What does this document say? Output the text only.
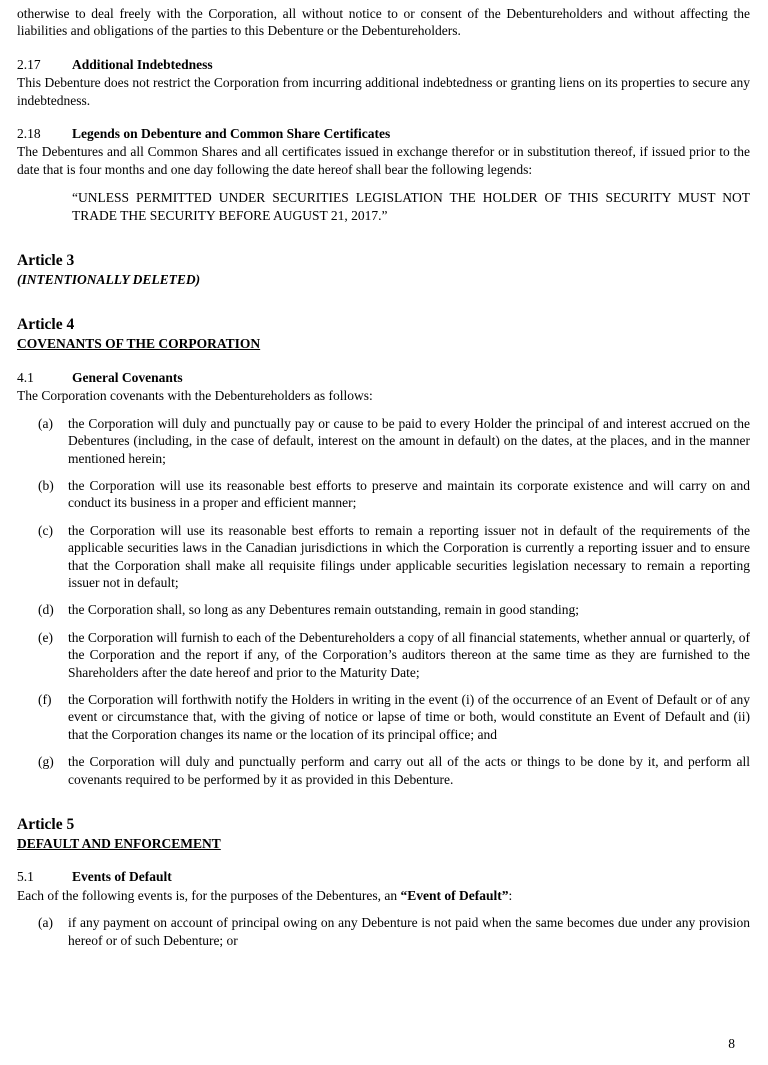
otherwise to deal freely with the Corporation, all without notice to or consent of the Debentureholders and without affecting the liabilities and obligations of the parties to this Debenture or the Debentureholders.

2.17 Additional Indebtedness

This Debenture does not restrict the Corporation from incurring additional indebtedness or granting liens on its properties to secure any indebtedness.

2.18 Legends on Debenture and Common Share Certificates

The Debentures and all Common Shares and all certificates issued in exchange therefor or in substitution thereof, if issued prior to the date that is four months and one day following the date hereof shall bear the following legends:

“UNLESS PERMITTED UNDER SECURITIES LEGISLATION THE HOLDER OF THIS SECURITY MUST NOT TRADE THE SECURITY BEFORE AUGUST 21, 2017.”

Article 3

(INTENTIONALLY DELETED)

Article 4

COVENANTS OF THE CORPORATION

4.1	General Covenants

The Corporation covenants with the Debentureholders as follows:

(a)	the Corporation will duly and punctually pay or cause to be paid to every Holder the principal of and interest accrued on the Debentures (including, in the case of default, interest on the amount in default) on the dates, at the places, and in the manner mentioned herein;
(b)	the Corporation will use its reasonable best efforts to preserve and maintain its corporate existence and will carry on and conduct its business in a proper and efficient manner;
(c)	the Corporation will use its reasonable best efforts to remain a reporting issuer not in default of the requirements of the applicable securities laws in the Canadian jurisdictions in which the Corporation is currently a reporting issuer and to ensure that the Corporation shall make all requisite filings under applicable securities legislation necessary to remain a reporting issuer not in default;
(d)	the Corporation shall, so long as any Debentures remain outstanding, remain in good standing;
(e)	the Corporation will furnish to each of the Debentureholders a copy of all financial statements, whether annual or quarterly, of the Corporation and the report if any, of the Corporation’s auditors thereon at the same time as they are furnished to the Shareholders after the date hereof and prior to the Maturity Date;
(f)	the Corporation will forthwith notify the Holders in writing in the event (i) of the occurrence of an Event of Default or of any event or circumstance that, with the giving of notice or lapse of time or both, would constitute an Event of Default and (ii) that the Corporation changes its name or the location of its principal office; and
(g)	the Corporation will duly and punctually perform and carry out all of the acts or things to be done by it, and perform all covenants required to be performed by it as provided in this Debenture.

Article 5

DEFAULT AND ENFORCEMENT

5.1	Events of Default

Each of the following events is, for the purposes of the Debentures, an “Event of Default”:

(a)	if any payment on account of principal owing on any Debenture is not paid when the same becomes due under any provision hereof or of such Debenture; or
8
